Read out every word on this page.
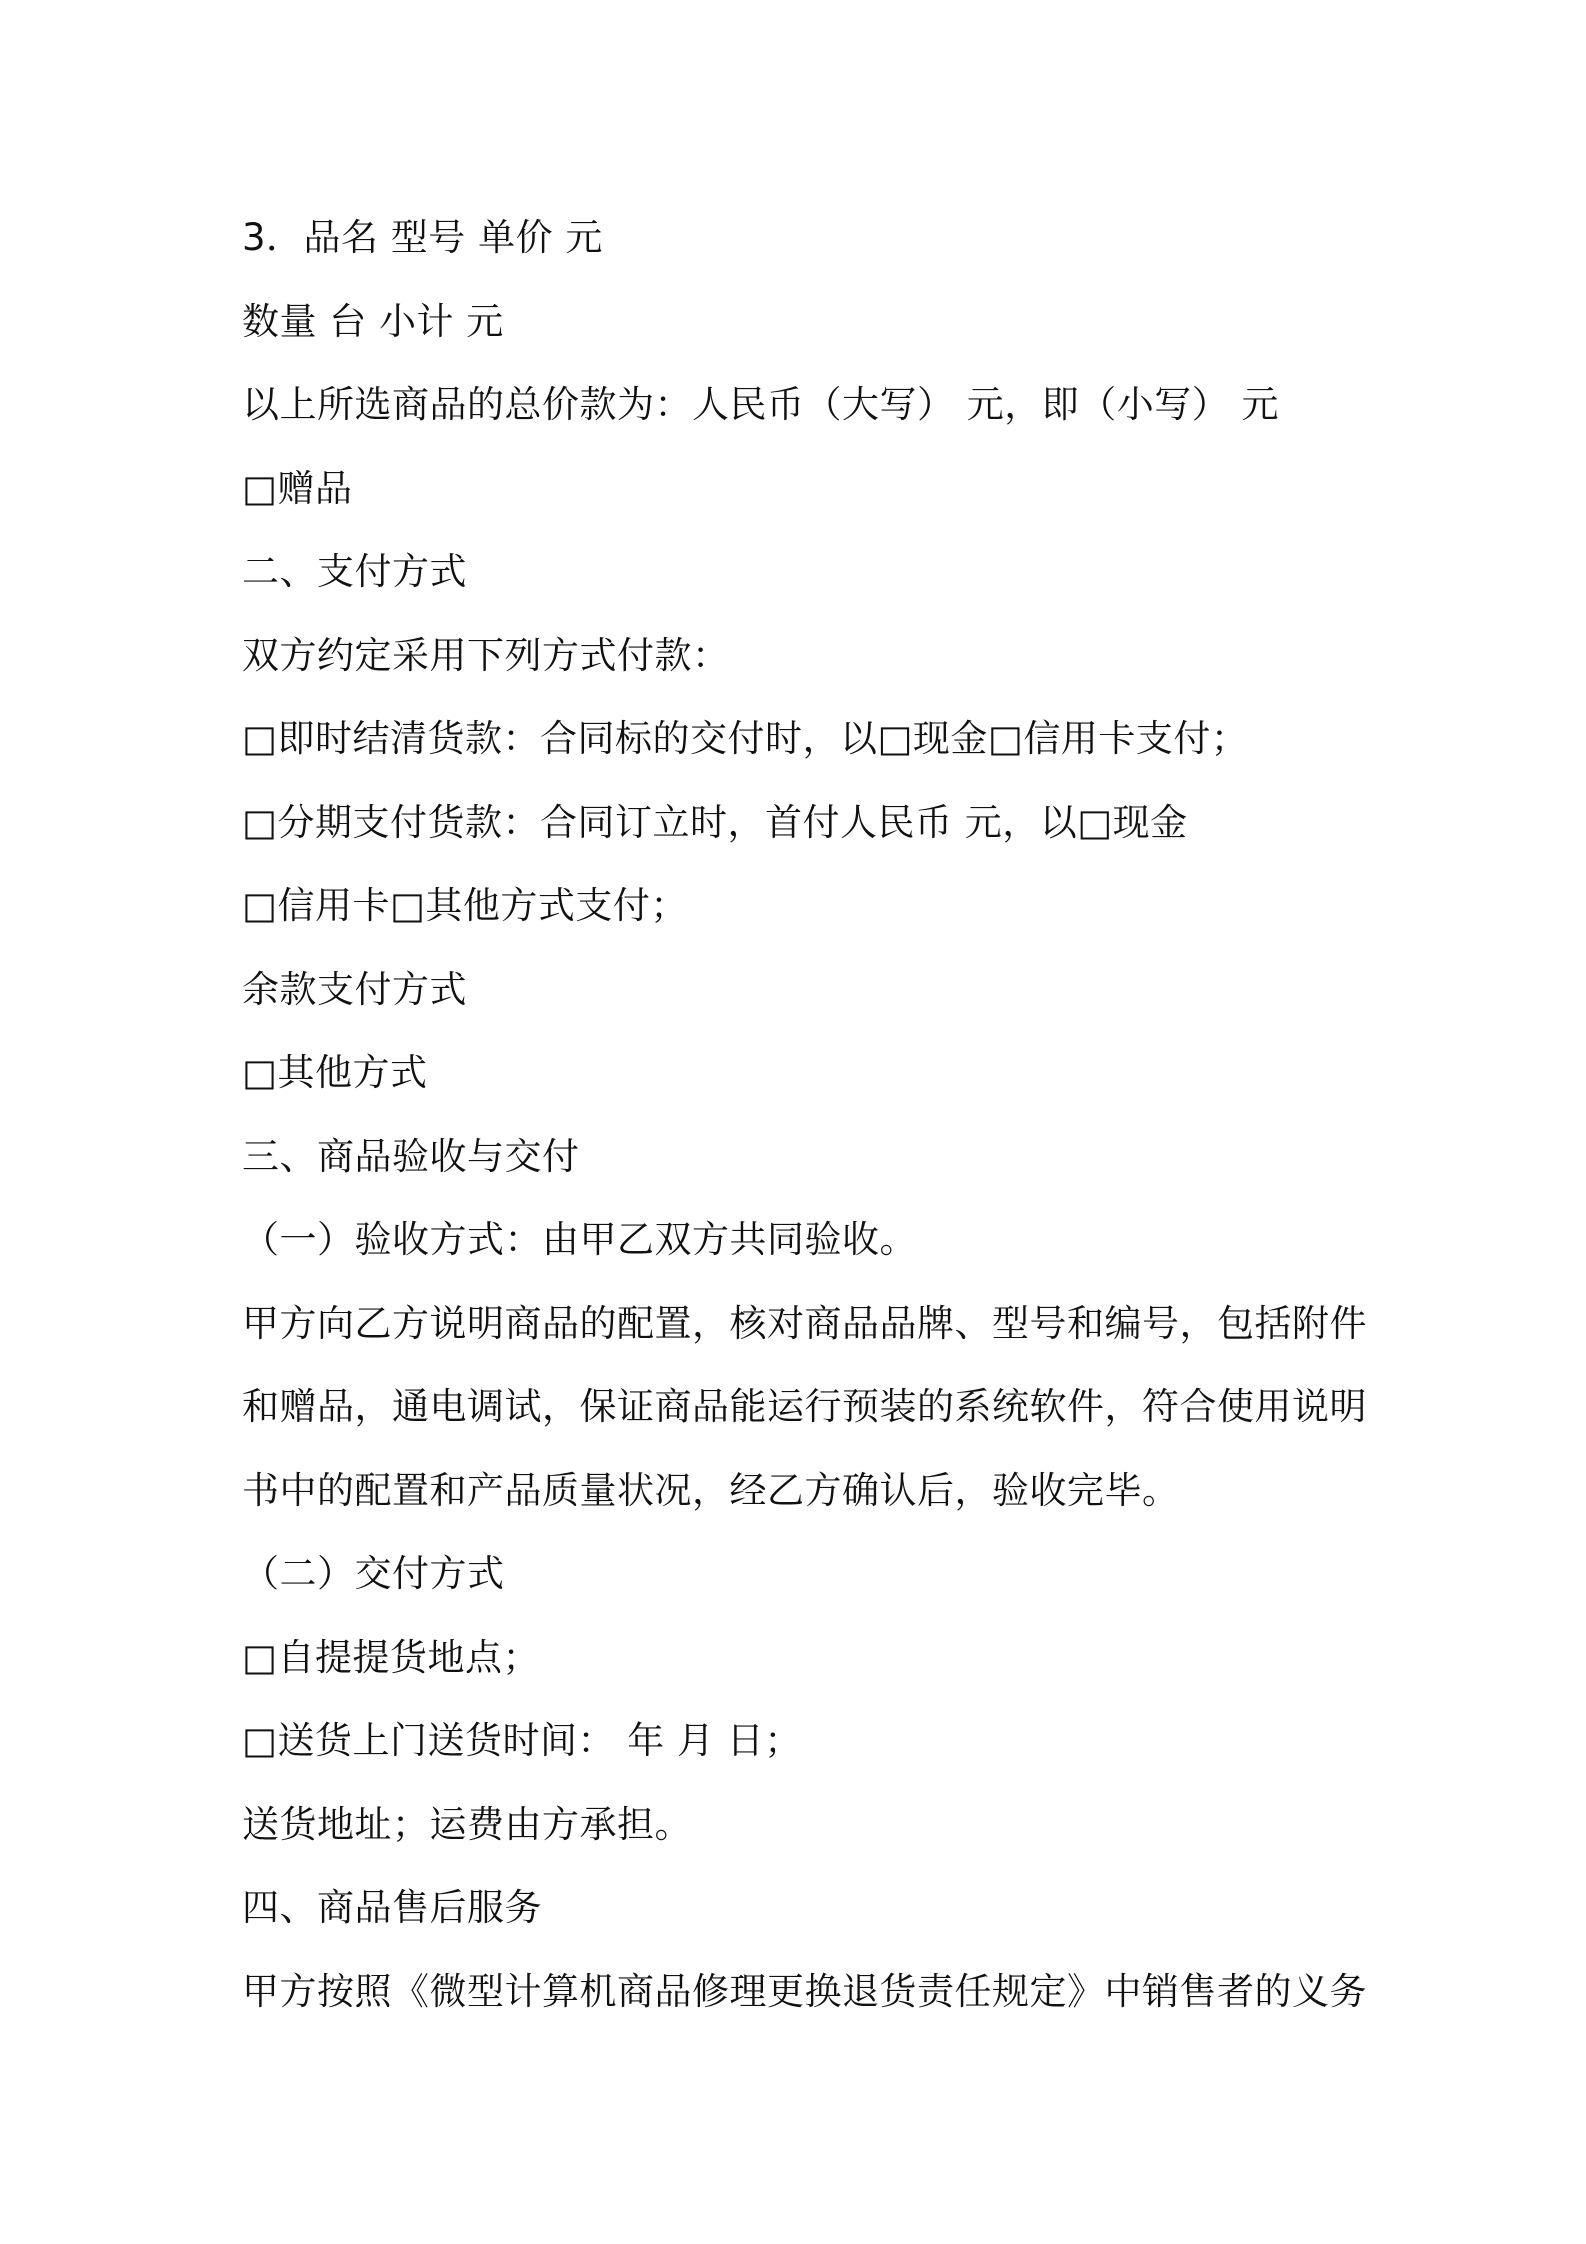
3．品名 型号 单价 元
数量 台 小计 元
以上所选商品的总价款为：人民币（大写） 元，即（小写） 元
□赠品
二、支付方式
双方约定采用下列方式付款：
□即时结清货款：合同标的交付时，以□现金□信用卡支付；
□分期支付货款：合同订立时，首付人民币 元，以□现金
□信用卡□其他方式支付；
余款支付方式
□其他方式
三、商品验收与交付
（一）验收方式：由甲乙双方共同验收。
甲方向乙方说明商品的配置，核对商品品牌、型号和编号，包括附件
和赠品，通电调试，保证商品能运行预装的系统软件，符合使用说明
书中的配置和产品质量状况，经乙方确认后，验收完毕。
（二）交付方式
□自提提货地点；
□送货上门送货时间： 年 月 日；
送货地址；运费由方承担。
四、商品售后服务
甲方按照《微型计算机商品修理更换退货责任规定》中销售者的义务
